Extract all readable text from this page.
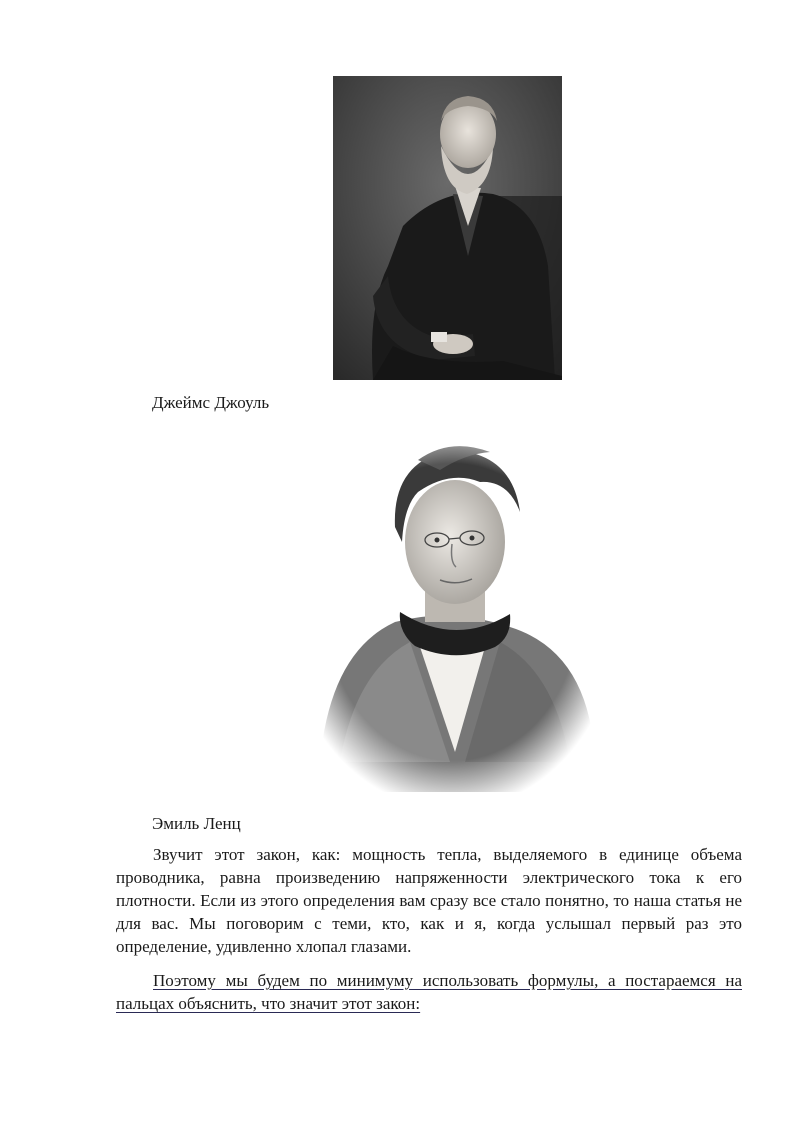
Джеймс Джоуль
Эмиль Ленц

Звучит этот закон, как: мощность тепла, выделяемого в единице объема проводника, равна произведению напряженности электрического тока к его плотности. Если из этого определения вам сразу все стало понятно, то наша статья не для вас. Мы поговорим с теми, кто, как и я, когда услышал первый раз это определение, удивленно хлопал глазами.

Поэтому мы будем по минимуму использовать формулы, а постараемся на пальцах объяснить, что значит этот закон:
